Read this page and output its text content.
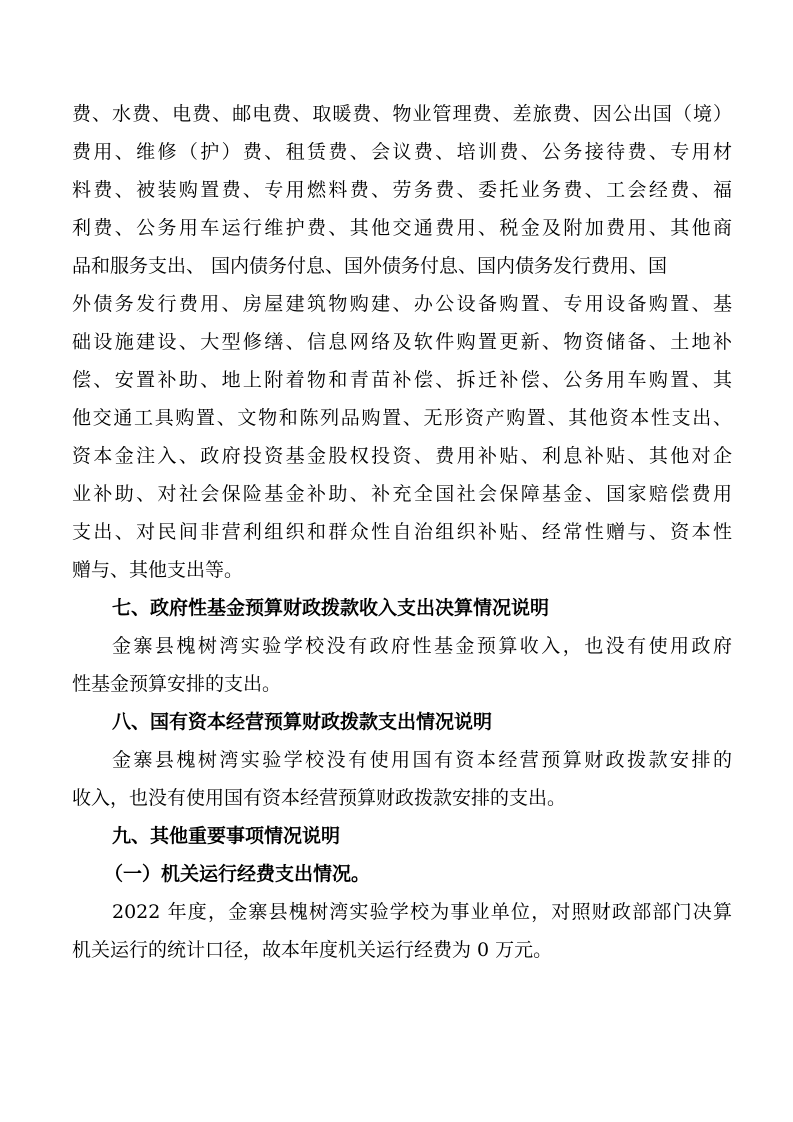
费、水费、电费、邮电费、取暖费、物业管理费、差旅费、因公出国（境）
费用、维修（护）费、租赁费、会议费、培训费、公务接待费、专用材
料费、被装购置费、专用燃料费、劳务费、委托业务费、工会经费、福
利费、公务用车运行维护费、其他交通费用、税金及附加费用、其他商
品和服务支出、 国内债务付息、国外债务付息、国内债务发行费用、国
外债务发行费用、房屋建筑物购建、办公设备购置、专用设备购置、基
础设施建设、大型修缮、信息网络及软件购置更新、物资储备、土地补
偿、安置补助、地上附着物和青苗补偿、拆迁补偿、公务用车购置、其
他交通工具购置、文物和陈列品购置、无形资产购置、其他资本性支出、
资本金注入、政府投资基金股权投资、费用补贴、利息补贴、其他对企
业补助、对社会保险基金补助、补充全国社会保障基金、国家赔偿费用
支出、对民间非营利组织和群众性自治组织补贴、经常性赠与、资本性
赠与、其他支出等。
七、政府性基金预算财政拨款收入支出决算情况说明
金寨县槐树湾实验学校没有政府性基金预算收入，也没有使用政府
性基金预算安排的支出。
八、国有资本经营预算财政拨款支出情况说明
金寨县槐树湾实验学校没有使用国有资本经营预算财政拨款安排的
收入，也没有使用国有资本经营预算财政拨款安排的支出。
九、其他重要事项情况说明
（一）机关运行经费支出情况。
2022 年度，金寨县槐树湾实验学校为事业单位，对照财政部部门决算
机关运行的统计口径，故本年度机关运行经费为 0 万元。
